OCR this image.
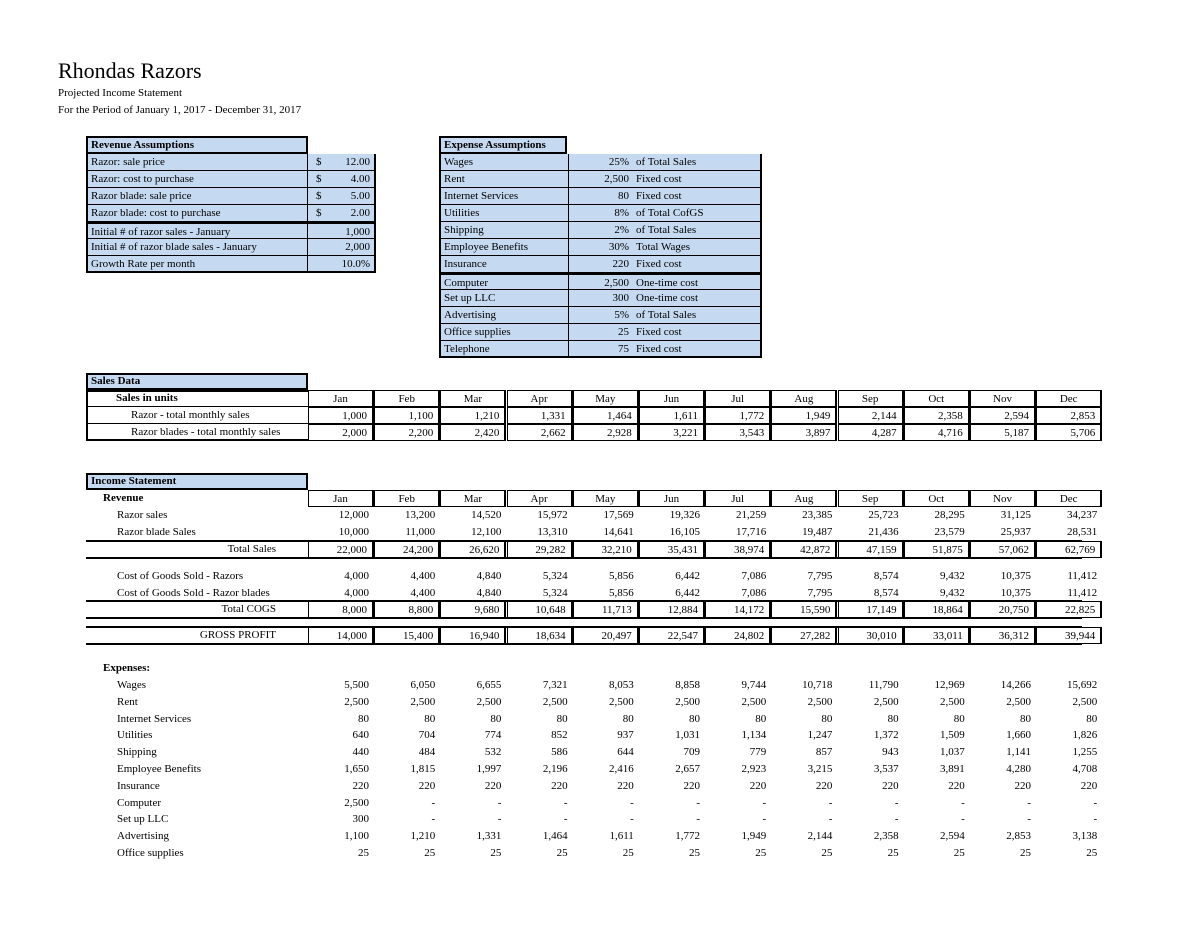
Rhondas Razors
Projected Income Statement
For the Period of January 1, 2017 - December 31, 2017
Revenue Assumptions
Razor: sale price	$	12.00
Razor: cost to purchase	$	4.00
Razor blade: sale price	$	5.00
Razor blade: cost to purchase	$	2.00
Initial # of razor sales - January	1,000
Initial # of razor blade sales - January	2,000
Growth Rate per month	10.0%
Expense Assumptions
Wages	25% of Total Sales
Rent	2,500 Fixed cost
Internet Services	80 Fixed cost
Utilities	8% of Total CofGS
Shipping	2% of Total Sales
Employee Benefits	30% Total Wages
Insurance	220 Fixed cost
Computer	2,500 One-time cost
Set up LLC	300 One-time cost
Advertising	5% of Total Sales
Office supplies	25 Fixed cost
Telephone	75 Fixed cost
Sales Data
Sales in units	Jan	Feb	Mar	Apr	May	Jun	Jul	Aug	Sep	Oct	Nov	Dec
Razor - total monthly sales	1,000	1,100	1,210	1,331	1,464	1,611	1,772	1,949	2,144	2,358	2,594	2,853
Razor blades - total monthly sales	2,000	2,200	2,420	2,662	2,928	3,221	3,543	3,897	4,287	4,716	5,187	5,706
Income Statement
Revenue	Jan	Feb	Mar	Apr	May	Jun	Jul	Aug	Sep	Oct	Nov	Dec
Razor sales	12,000	13,200	14,520	15,972	17,569	19,326	21,259	23,385	25,723	28,295	31,125	34,237
Razor blade Sales	10,000	11,000	12,100	13,310	14,641	16,105	17,716	19,487	21,436	23,579	25,937	28,531
Total Sales	22,000	24,200	26,620	29,282	32,210	35,431	38,974	42,872	47,159	51,875	57,062	62,769
Cost of Goods Sold - Razors	4,000	4,400	4,840	5,324	5,856	6,442	7,086	7,795	8,574	9,432	10,375	11,412
Cost of Goods Sold - Razor blades	4,000	4,400	4,840	5,324	5,856	6,442	7,086	7,795	8,574	9,432	10,375	11,412
Total COGS	8,000	8,800	9,680	10,648	11,713	12,884	14,172	15,590	17,149	18,864	20,750	22,825
GROSS PROFIT	14,000	15,400	16,940	18,634	20,497	22,547	24,802	27,282	30,010	33,011	36,312	39,944
Expenses:
Wages	5,500	6,050	6,655	7,321	8,053	8,858	9,744	10,718	11,790	12,969	14,266	15,692
Rent	2,500	2,500	2,500	2,500	2,500	2,500	2,500	2,500	2,500	2,500	2,500	2,500
Internet Services	80	80	80	80	80	80	80	80	80	80	80	80
Utilities	640	704	774	852	937	1,031	1,134	1,247	1,372	1,509	1,660	1,826
Shipping	440	484	532	586	644	709	779	857	943	1,037	1,141	1,255
Employee Benefits	1,650	1,815	1,997	2,196	2,416	2,657	2,923	3,215	3,537	3,891	4,280	4,708
Insurance	220	220	220	220	220	220	220	220	220	220	220	220
Computer	2,500	-	-	-	-	-	-	-	-	-	-	-
Set up LLC	300	-	-	-	-	-	-	-	-	-	-	-
Advertising	1,100	1,210	1,331	1,464	1,611	1,772	1,949	2,144	2,358	2,594	2,853	3,138
Office supplies	25	25	25	25	25	25	25	25	25	25	25	25
